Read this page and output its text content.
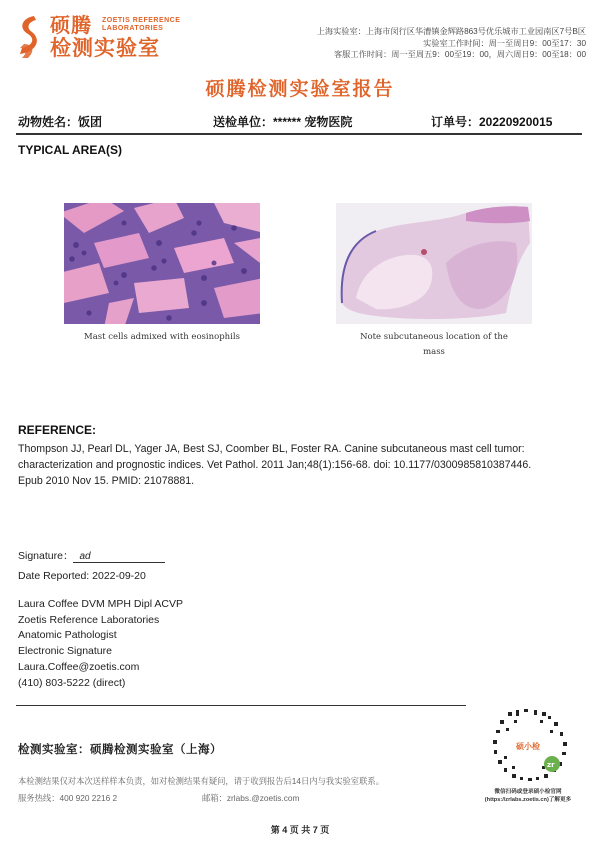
硕腾 ZOETIS REFERENCE
LABORATORIES
检测实验室
上海实验室：上海市闵行区华漕镇金辉路863号优乐城市工业园南区7号B区
实验室工作时间：周一至周日9：00至17：30
客服工作时间：周一至周五9：00至19：00，周六周日9：00至18：00
硕腾检测实验室报告
动物姓名：饭团	送检单位：****** 宠物医院	订单号：20220920015
TYPICAL AREA(S)
Mast cells admixed with eosinophils	Note subcutaneous location of the
mass
REFERENCE:
Thompson JJ, Pearl DL, Yager JA, Best SJ, Coomber BL, Foster RA. Canine subcutaneous mast cell tumor:
characterization and prognostic indices. Vet Pathol. 2011 Jan;48(1):156-68. doi: 10.1177/0300985810387446.
Epub 2010 Nov 15. PMID: 21078881.
Signature： ad
Date Reported: 2022-09-20
Laura Coffee DVM MPH Dipl ACVP
Zoetis Reference Laboratories
Anatomic Pathologist
Electronic Signature
Laura.Coffee@zoetis.com
(410) 803-5222 (direct)
检测实验室：硕腾检测实验室（上海）
本检测结果仅对本次送样样本负责，如对检测结果有疑问，请于收到报告后14日内与我实验室联系。
服务热线：400 920 2216 2	邮箱：zrlabs.@zoetis.com
硕小检
zr
微信扫码或登录硕小检官网
(https://zrlabs.zoetis.cn)了解更多
第 4 页 共 7 页
